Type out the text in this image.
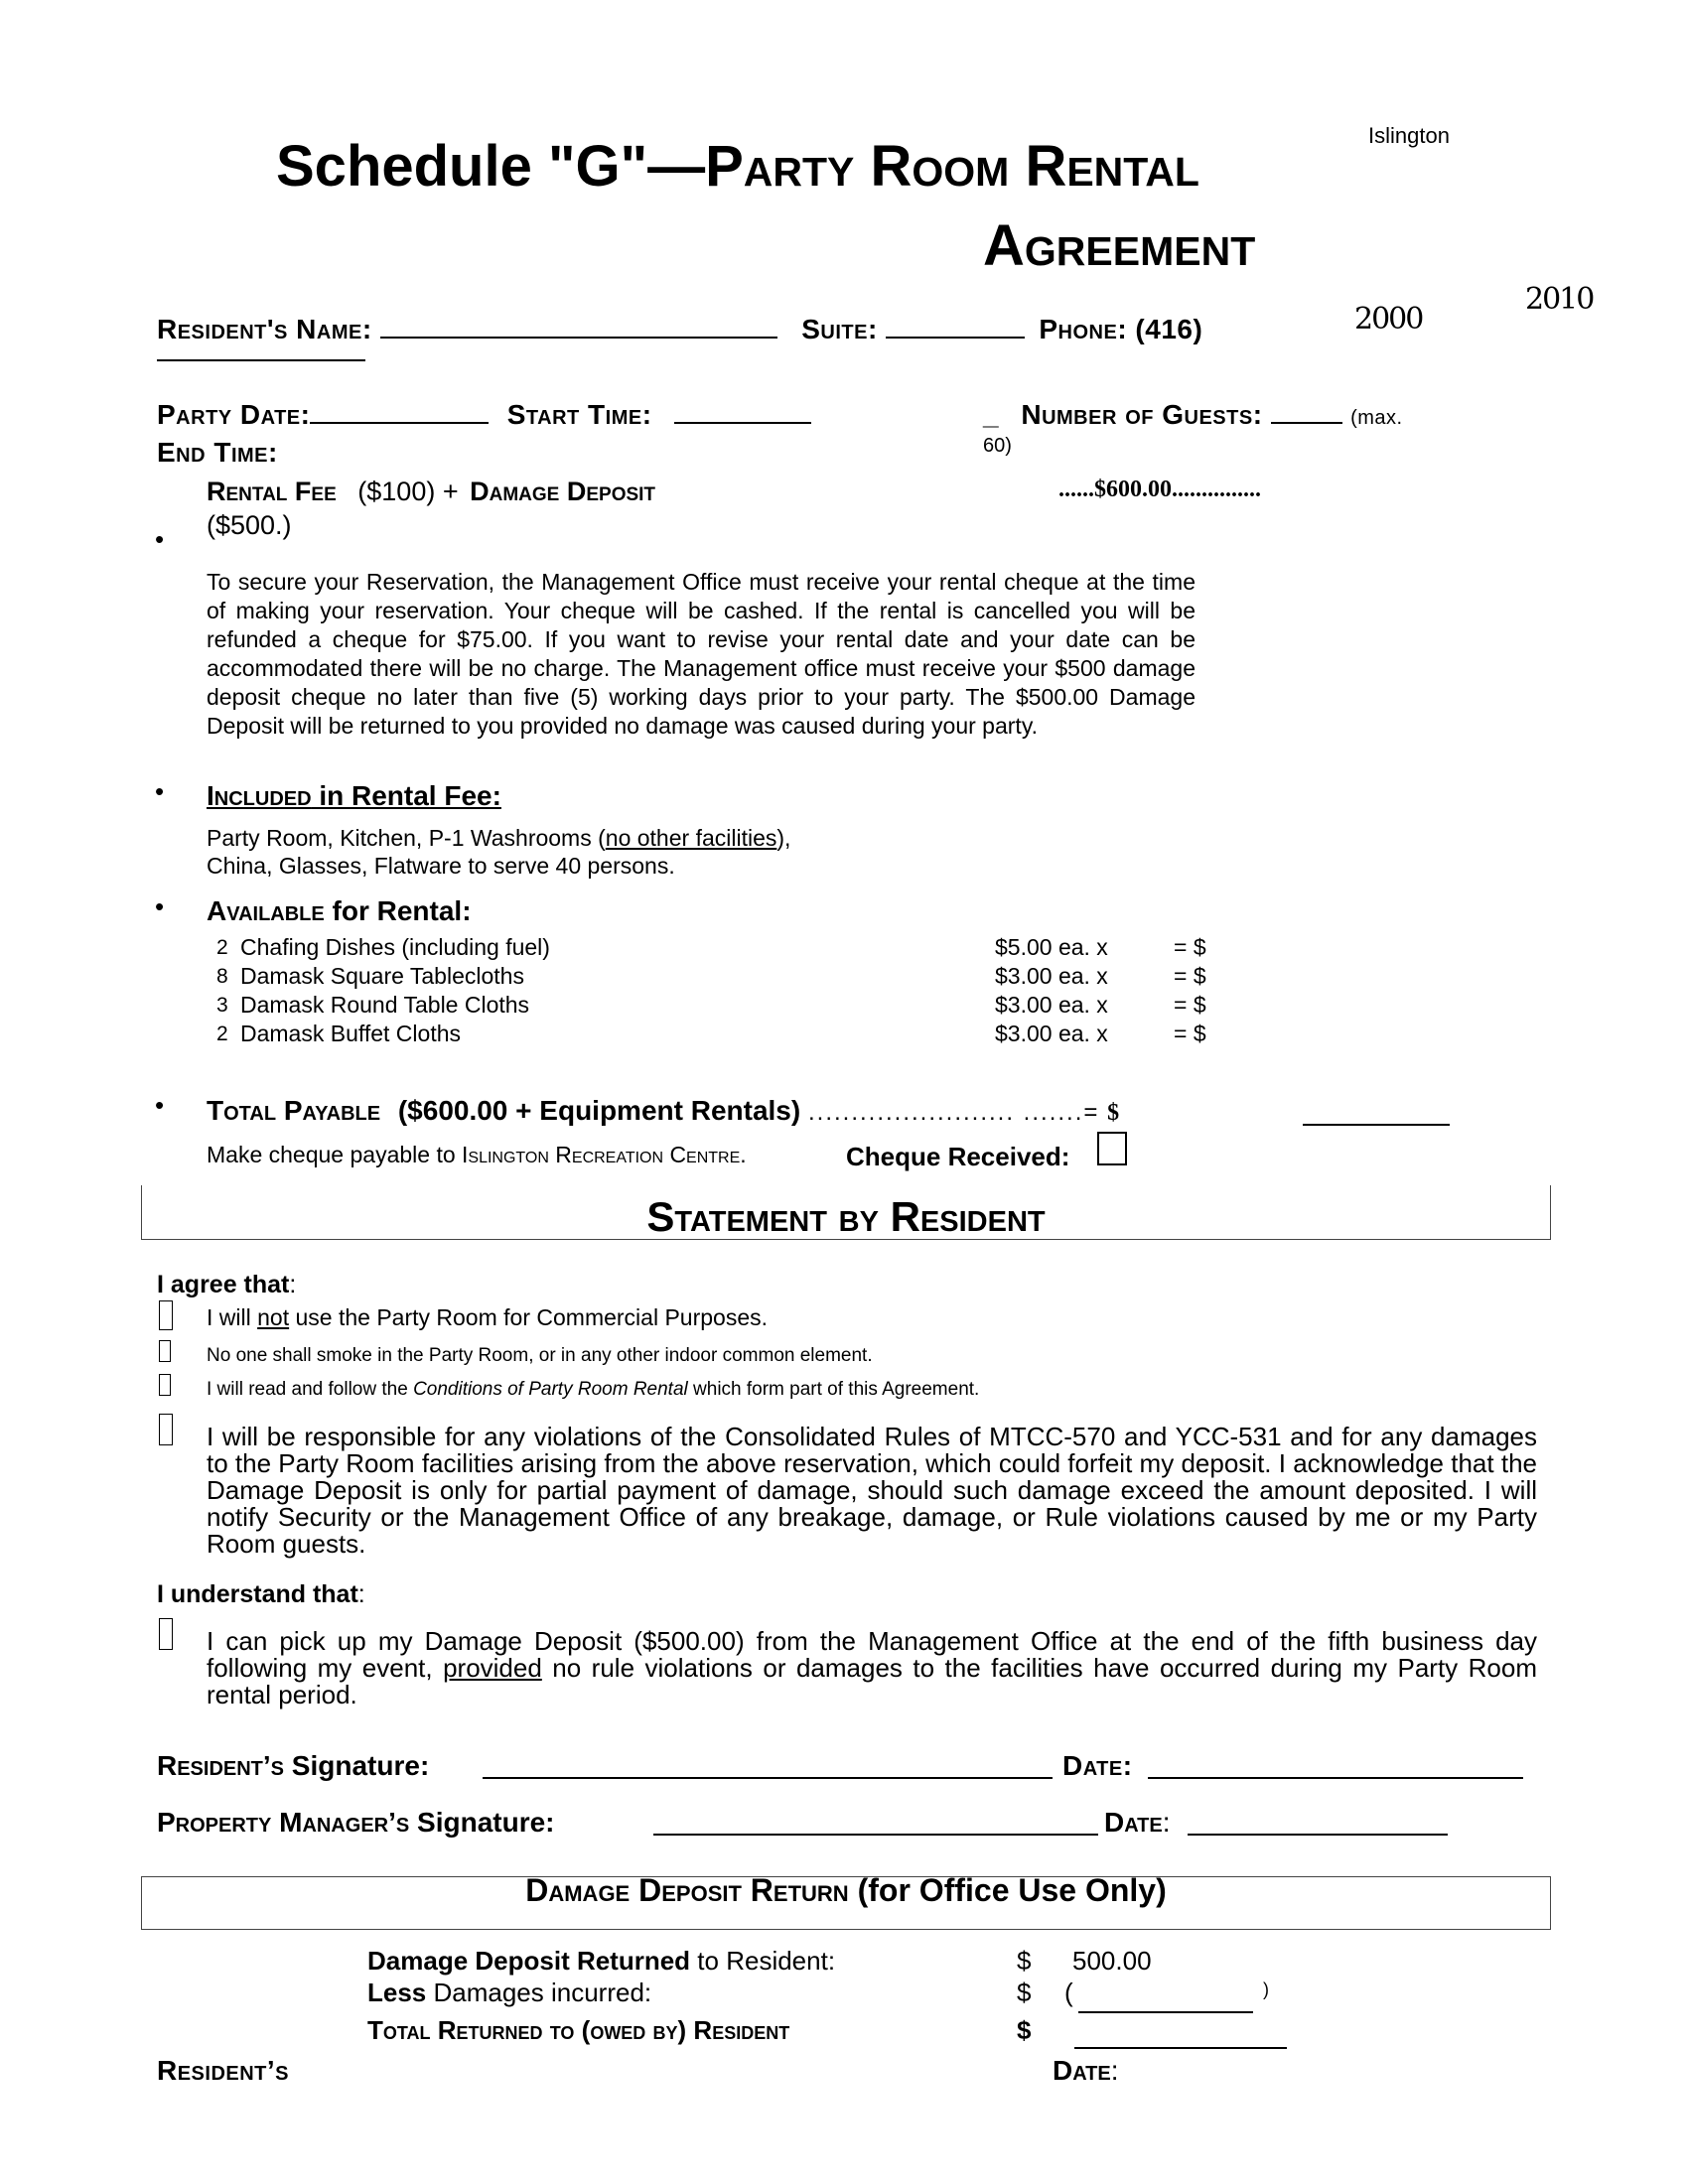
Islington
2000
2010
Schedule "G"—Party Room Rental
Agreement
Resident's Name:	Suite:	Phone: (416)
Party Date:	Start Time:	_ Number of Guests:	(max.
60)
End Time:
•
Rental Fee ($100) + Damage Deposit
($500.)
......$600.00...............
To secure your Reservation, the Management Office must receive your rental cheque at the time of making your reservation. Your cheque will be cashed. If the rental is cancelled you will be refunded a cheque for $75.00. If you want to revise your rental date and your date can be accommodated there will be no charge. The Management office must receive your $500 damage deposit cheque no later than five (5) working days prior to your party. The $500.00 Damage Deposit will be returned to you provided no damage was caused during your party.
• Included in Rental Fee:
Party Room, Kitchen, P-1 Washrooms (no other facilities),
China, Glasses, Flatware to serve 40 persons.
• Available for Rental:
2 Chafing Dishes (including fuel)	$5.00 ea. x	= $
8 Damask Square Tablecloths	$3.00 ea. x	= $
3 Damask Round Table Cloths	$3.00 ea. x	= $
2 Damask Buffet Cloths	$3.00 ea. x	= $
• Total Payable ($600.00 + Equipment Rentals) ........................ .......= $
Make cheque payable to Islington Recreation Centre.	Cheque Received:
Statement by Resident
I agree that:
I will not use the Party Room for Commercial Purposes.
No one shall smoke in the Party Room, or in any other indoor common element.
I will read and follow the Conditions of Party Room Rental which form part of this Agreement.
I will be responsible for any violations of the Consolidated Rules of MTCC-570 and YCC-531 and for any damages to the Party Room facilities arising from the above reservation, which could forfeit my deposit. I acknowledge that the Damage Deposit is only for partial payment of damage, should such damage exceed the amount deposited. I will notify Security or the Management Office of any breakage, damage, or Rule violations caused by me or my Party Room guests.
I understand that:
I can pick up my Damage Deposit ($500.00) from the Management Office at the end of the fifth business day following my event, provided no rule violations or damages to the facilities have occurred during my Party Room rental period.
Resident’s Signature:	Date:
Property Manager’s Signature:	Date:
Damage Deposit Return (for Office Use Only)
Damage Deposit Returned to Resident:	$ 500.00
Less Damages incurred:	$ (	)
Total Returned to (owed by) Resident	$
Resident’s	Date:
